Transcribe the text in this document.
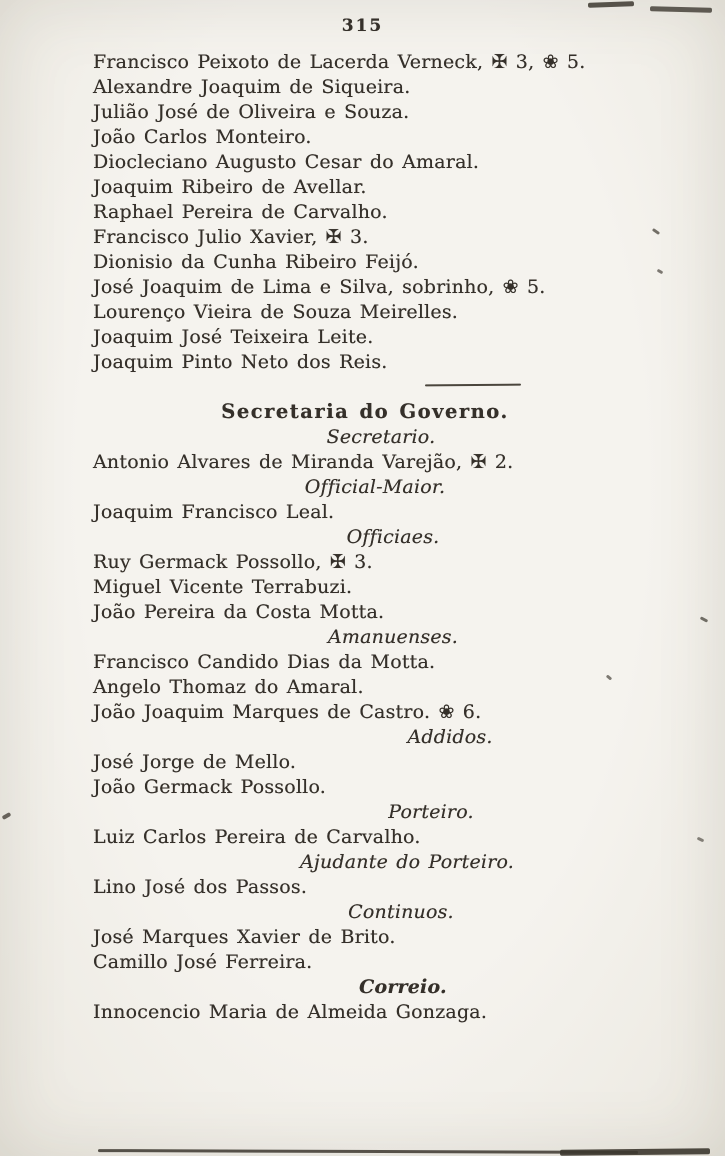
315
Francisco Peixoto de Lacerda Verneck, ✠ 3, ❀ 5.
Alexandre Joaquim de Siqueira.
Julião José de Oliveira e Souza.
João Carlos Monteiro.
Diocleciano Augusto Cesar do Amaral.
Joaquim Ribeiro de Avellar.
Raphael Pereira de Carvalho.
Francisco Julio Xavier, ✠ 3.
Dionisio da Cunha Ribeiro Feijó.
José Joaquim de Lima e Silva, sobrinho, ❀ 5.
Lourenço Vieira de Souza Meirelles.
Joaquim José Teixeira Leite.
Joaquim Pinto Neto dos Reis.
Secretaria do Governo.
Secretario.
Antonio Alvares de Miranda Varejão, ✠ 2.
Official-Maior.
Joaquim Francisco Leal.
Officiaes.
Ruy Germack Possollo, ✠ 3.
Miguel Vicente Terrabuzi.
João Pereira da Costa Motta.
Amanuenses.
Francisco Candido Dias da Motta.
Angelo Thomaz do Amaral.
João Joaquim Marques de Castro. ❀ 6.
Addidos.
José Jorge de Mello.
João Germack Possollo.
Porteiro.
Luiz Carlos Pereira de Carvalho.
Ajudante do Porteiro.
Lino José dos Passos.
Continuos.
José Marques Xavier de Brito.
Camillo José Ferreira.
Correio.
Innocencio Maria de Almeida Gonzaga.
